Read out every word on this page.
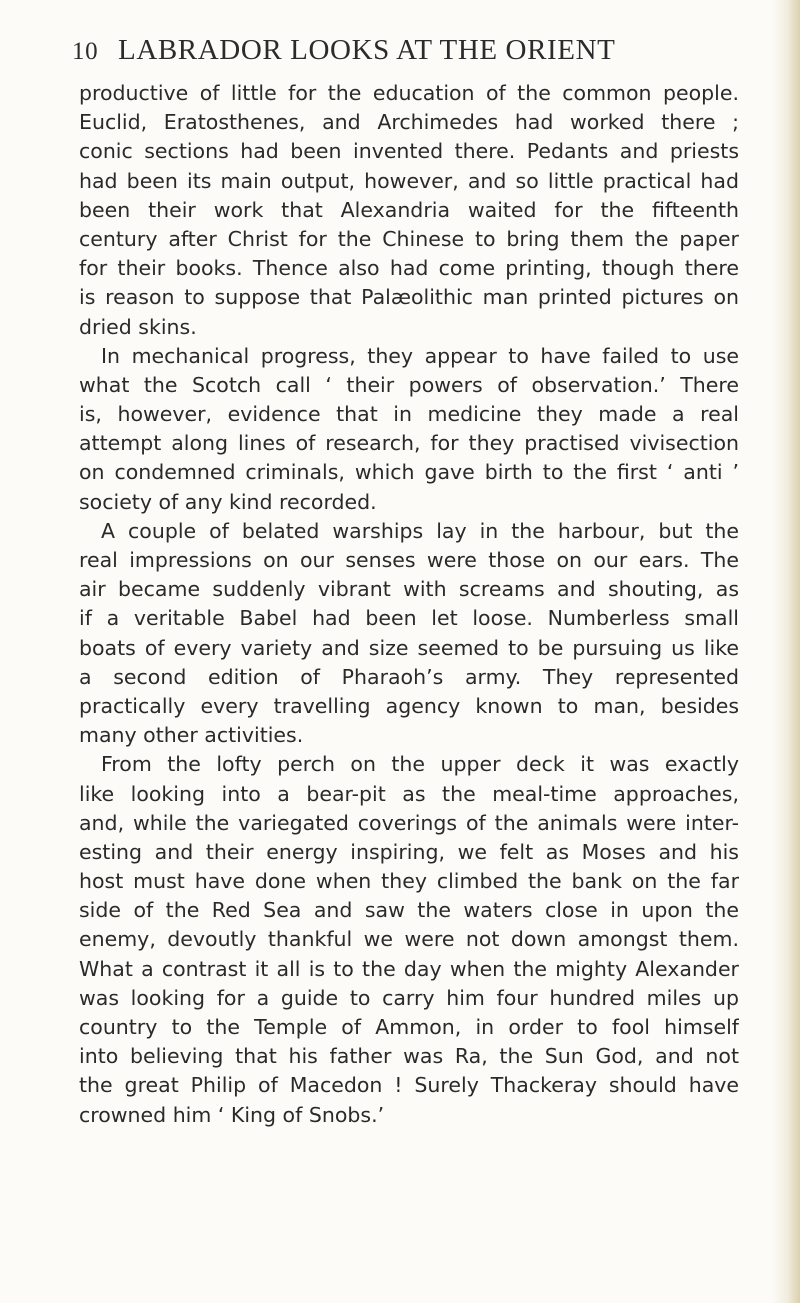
10 LABRADOR LOOKS AT THE ORIENT
productive of little for the education of the common people.
Euclid, Eratosthenes, and Archimedes had worked there ;
conic sections had been invented there. Pedants and priests
had been its main output, however, and so little practical had
been their work that Alexandria waited for the fifteenth
century after Christ for the Chinese to bring them the paper
for their books. Thence also had come printing, though there
is reason to suppose that Palæolithic man printed pictures on
dried skins.
In mechanical progress, they appear to have failed to use
what the Scotch call ‘ their powers of observation.’ There
is, however, evidence that in medicine they made a real
attempt along lines of research, for they practised vivisection
on condemned criminals, which gave birth to the first ‘ anti ’
society of any kind recorded.
A couple of belated warships lay in the harbour, but the
real impressions on our senses were those on our ears. The
air became suddenly vibrant with screams and shouting, as
if a veritable Babel had been let loose. Numberless small
boats of every variety and size seemed to be pursuing us like
a second edition of Pharaoh’s army. They represented
practically every travelling agency known to man, besides
many other activities.
From the lofty perch on the upper deck it was exactly
like looking into a bear-pit as the meal-time approaches,
and, while the variegated coverings of the animals were inter-
esting and their energy inspiring, we felt as Moses and his
host must have done when they climbed the bank on the far
side of the Red Sea and saw the waters close in upon the
enemy, devoutly thankful we were not down amongst them.
What a contrast it all is to the day when the mighty Alexander
was looking for a guide to carry him four hundred miles up
country to the Temple of Ammon, in order to fool himself
into believing that his father was Ra, the Sun God, and not
the great Philip of Macedon ! Surely Thackeray should have
crowned him ‘ King of Snobs.’
